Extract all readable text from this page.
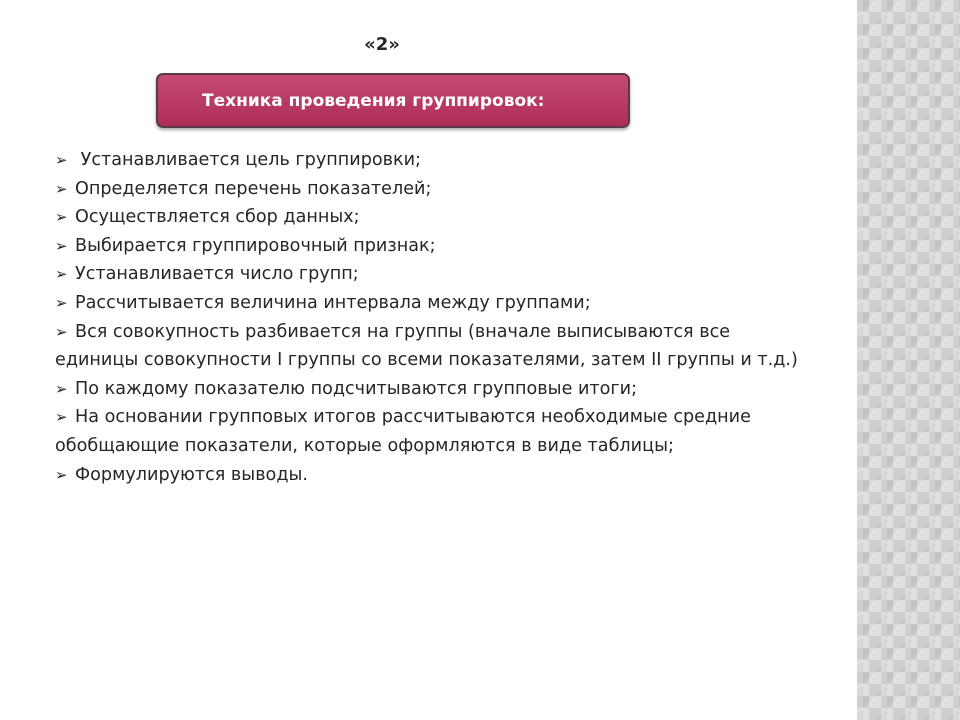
«2»
Техника проведения группировок:
➢ Устанавливается цель группировки;
➢ Определяется перечень показателей;
➢ Осуществляется сбор данных;
➢ Выбирается группировочный признак;
➢ Устанавливается число групп;
➢ Рассчитывается величина интервала между группами;
➢ Вся совокупность разбивается на группы (вначале выписываются все единицы совокупности I группы со всеми показателями, затем II группы и т.д.)
➢ По каждому показателю подсчитываются групповые итоги;
➢ На основании групповых итогов рассчитываются необходимые средние обобщающие показатели, которые оформляются в виде таблицы;
➢ Формулируются выводы.
